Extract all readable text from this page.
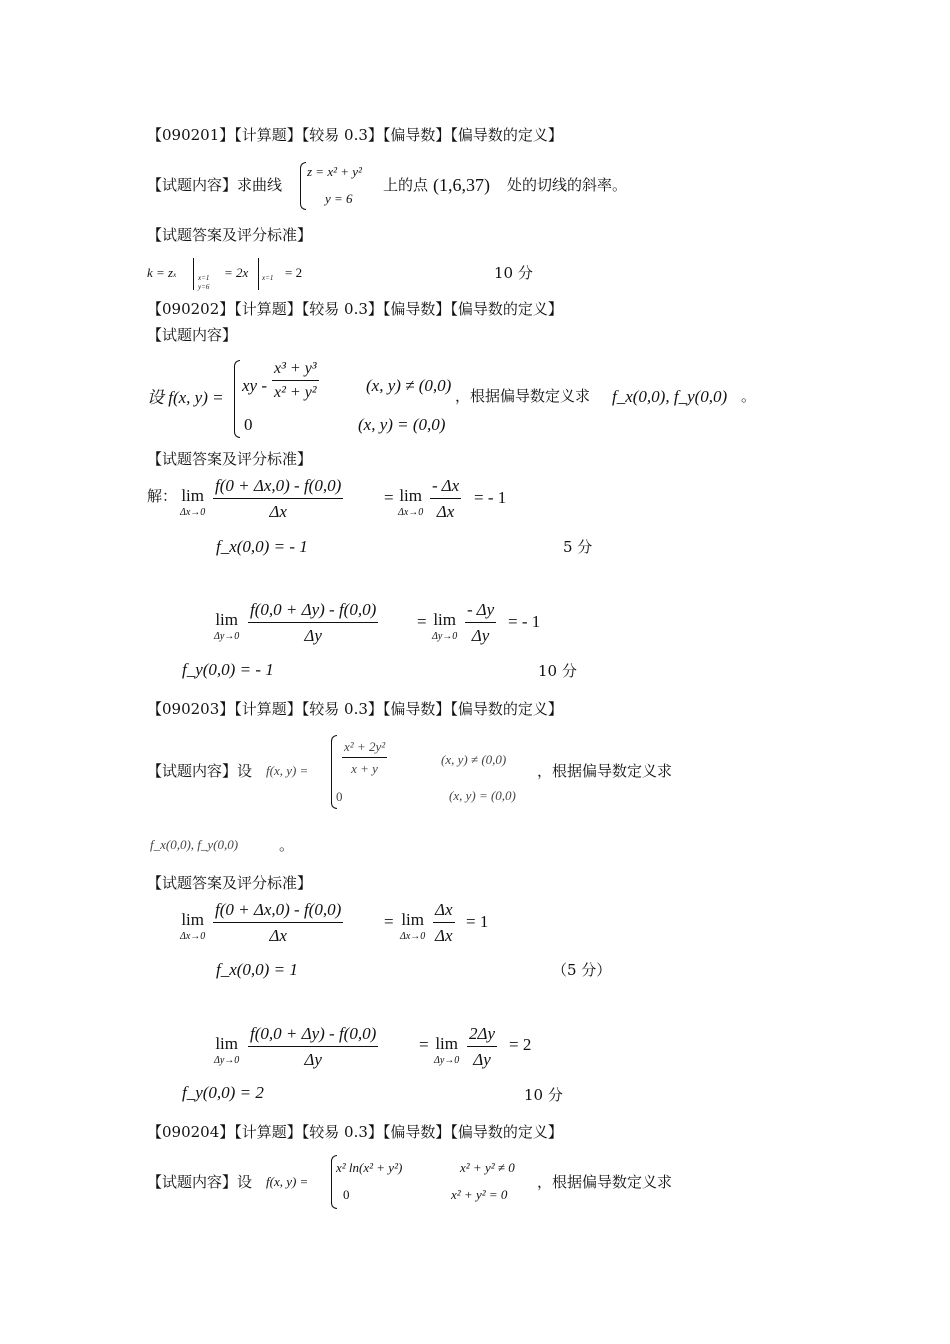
【090201】【计算题】【较易 0.3】【偏导数】【偏导数的定义】
【试题内容】求曲线
z = x² + y²
y = 6
上的点 (1,6,37) 处的切线的斜率。
【试题答案及评分标准】
k = zx	x=1
y=6
= 2x x=1 = 2	10 分
【090202】【计算题】【较易 0.3】【偏导数】【偏导数的定义】
【试题内容】
设 f(x, y) =
xy - $\frac{\text{x³ + y³}}{\text{x² + y²}}$	(x, y) ≠ (0,0)
0	(x, y) = (0,0)
，根据偏导数定义求 f_x(0,0), f_y(0,0) 。
【试题答案及评分标准】
解： lim
$\Delta x\to 0 \frac{f(0 + \Delta x,0) - f(0,0)}{\Delta x} = \lim$
$\Delta x\to 0 \frac{- \Delta x}{\Delta x}$ = - 1
f_x(0,0) = - 1	5 分
lim
$\Delta y\to 0 \frac{f(0,0 + \Delta y) - f(0,0)}{\Delta y} = \lim$
$\Delta y\to 0 \frac{- \Delta y}{\Delta y}$ = - 1
f_y(0,0) = - 1	10 分
【090203】【计算题】【较易 0.3】【偏导数】【偏导数的定义】
【试题内容】设 f(x, y) =	$\frac{\text{x² + 2y²}}{x + y}$	(x, y) ≠ (0,0)
0	(x, y) = (0,0)
，根据偏导数定义求
f_x(0,0), f_y(0,0)	。
【试题答案及评分标准】
lim
$\Delta x\to 0 \frac{f(0 + \Delta x,0) - f(0,0)}{\Delta x} = \lim$
$\Delta x\to 0 \frac{\Delta x}{\Delta x} = 1$
f_x(0,0) = 1	（5 分）
lim
$\Delta y\to 0 \frac{f(0,0 + \Delta y) - f(0,0)}{\Delta y} = \lim$
$\Delta y\to 0 \frac{2\Delta y}{\Delta y} = 2$
f_y(0,0) = 2	10 分
【090204】【计算题】【较易 0.3】【偏导数】【偏导数的定义】
【试题内容】设 f(x, y) =
x² ln(x² + y²)	x² + y² ≠ 0
0	x² + y² = 0
，根据偏导数定义求
